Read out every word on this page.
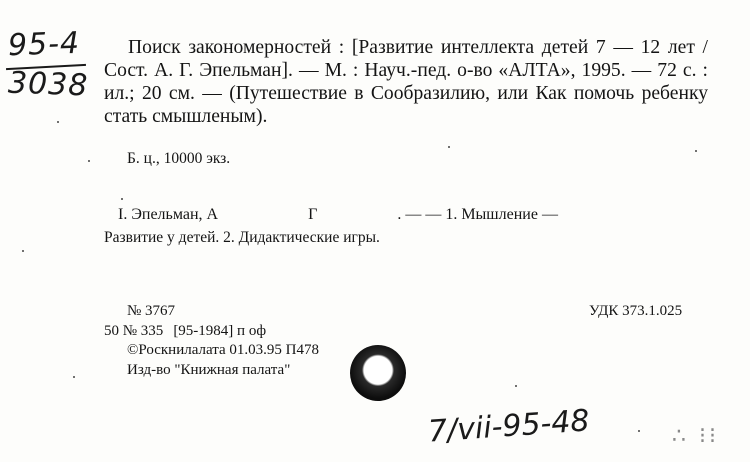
95-4
3038

Поиск закономерностей : [Развитие интеллекта детей 7 — 12 лет / Сост. А. Г. Эпельман]. — М. : Науч.-пед. о-во «АЛТА», 1995. — 72 с. : ил.; 20 см. — (Путешествие в Сообразилию, или Как помочь ребенку стать смышленым).

Б. ц., 10000 экз.

I. Эпельман, А	Г	. — — 1. Мышление —

Развитие у детей. 2. Дидактические игры.

№ 3767	УДК 373.1.025

50 № 335 [95-1984] п оф

©Роскнилалата 01.03.95 П478

Изд-во "Книжная палата"

7/vii-95-48	∴ ⁝⁝
